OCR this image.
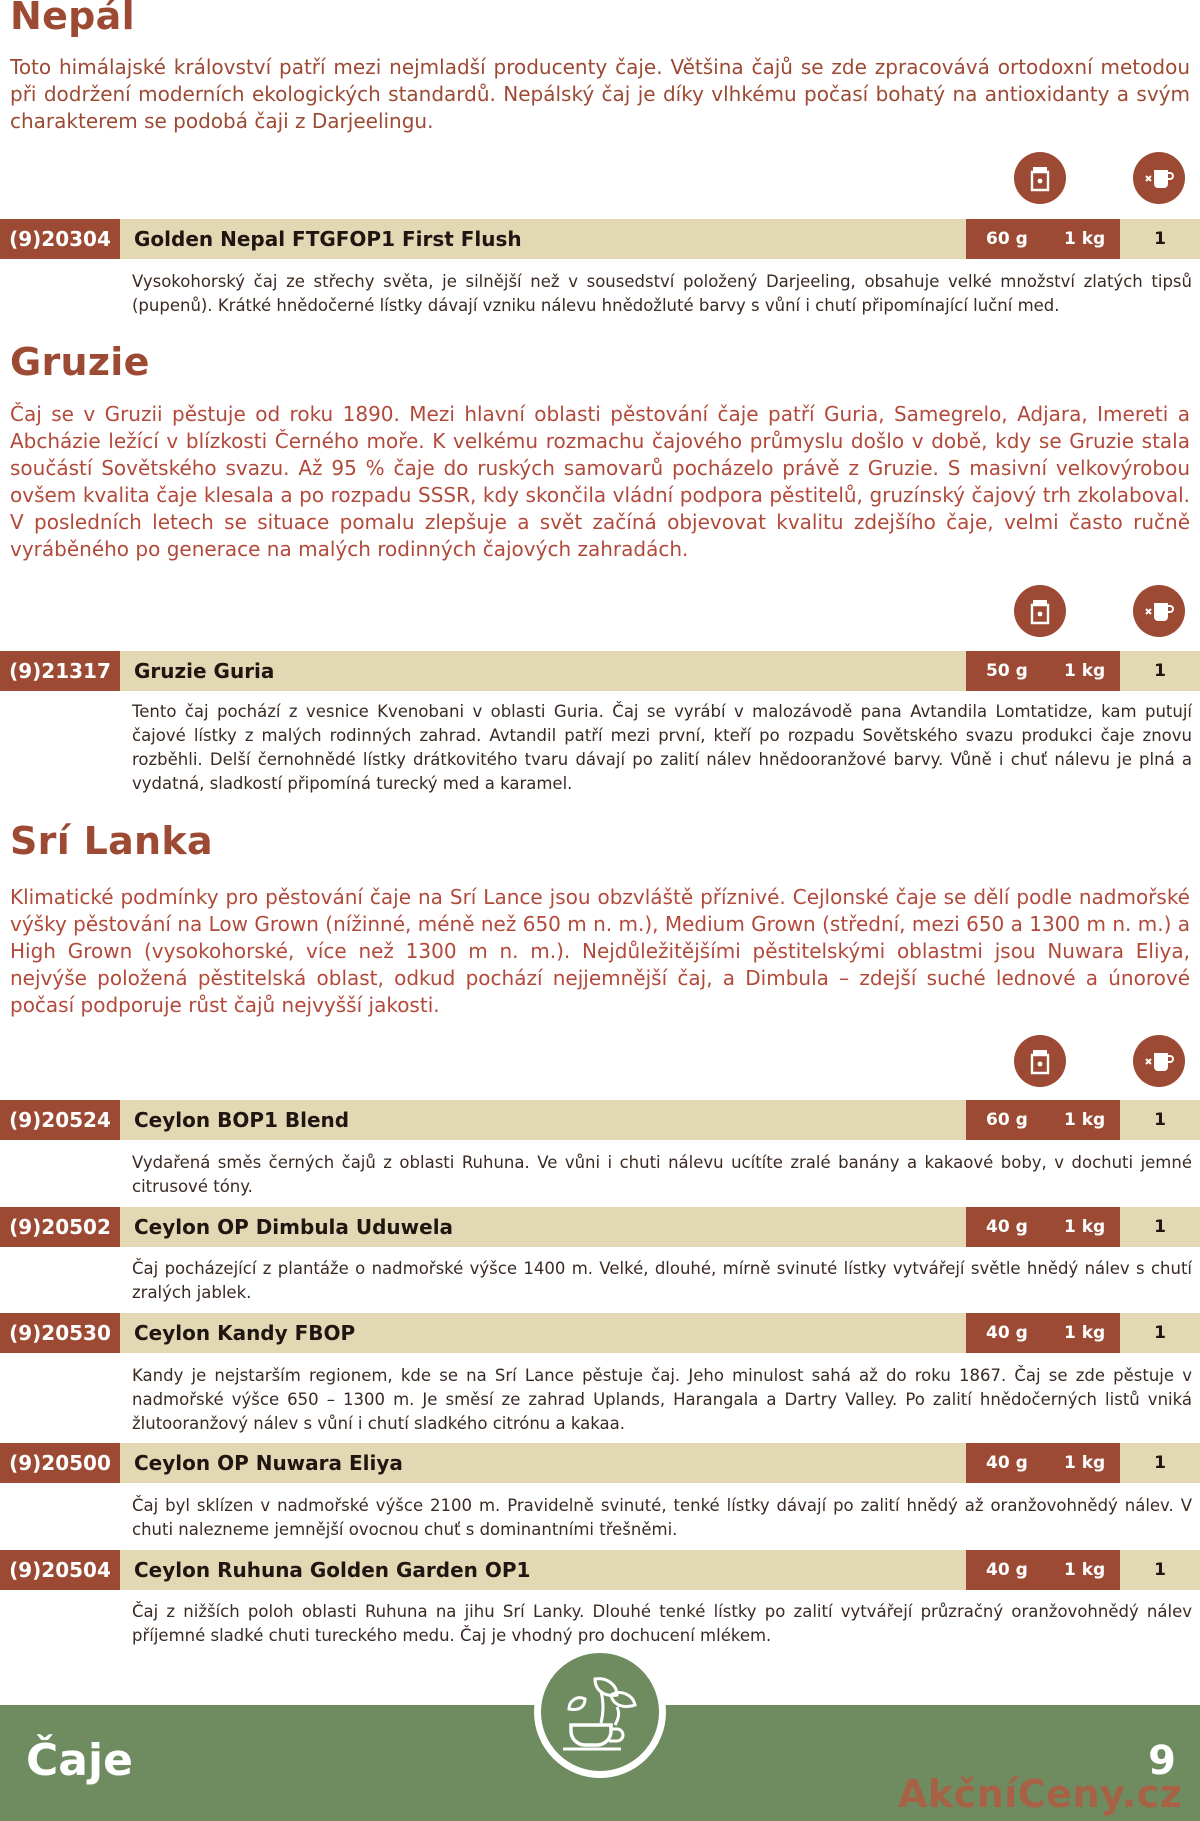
Nepál

Toto himálajské království patří mezi nejmladší producenty čaje. Většina čajů se zde zpracovává ortodoxní metodou při dodržení moderních ekologických standardů. Nepálský čaj je díky vlhkému počasí bohatý na antioxidanty a svým charakterem se podobá čaji z Darjeelingu.

(9)20304	Golden Nepal FTGFOP1 First Flush	60 g 1 kg	1

Vysokohorský čaj ze střechy světa, je silnější než v sousedství položený Darjeeling, obsahuje velké množství zlatých tipsů (pupenů). Krátké hnědočerné lístky dávají vzniku nálevu hnědožluté barvy s vůní i chutí připomínající luční med.

Gruzie

Čaj se v Gruzii pěstuje od roku 1890. Mezi hlavní oblasti pěstování čaje patří Guria, Samegrelo, Adjara, Imereti a Abcházie ležící v blízkosti Černého moře. K velkému rozmachu čajového průmyslu došlo v době, kdy se Gruzie stala součástí Sovětského svazu. Až 95 % čaje do ruských samovarů pocházelo právě z Gruzie. S masivní velkovýrobou ovšem kvalita čaje klesala a po rozpadu SSSR, kdy skončila vládní podpora pěstitelů, gruzínský čajový trh zkolaboval. V posledních letech se situace pomalu zlepšuje a svět začíná objevovat kvalitu zdejšího čaje, velmi často ručně vyráběného po generace na malých rodinných čajových zahradách.

(9)21317	Gruzie Guria	50 g 1 kg	1

Tento čaj pochází z vesnice Kvenobani v oblasti Guria. Čaj se vyrábí v malozávodě pana Avtandila Lomtatidze, kam putují čajové lístky z malých rodinných zahrad. Avtandil patří mezi první, kteří po rozpadu Sovětského svazu produkci čaje znovu rozběhli. Delší černohnědé lístky drátkovitého tvaru dávají po zalití nálev hnědooranžové barvy. Vůně i chuť nálevu je plná a vydatná, sladkostí připomíná turecký med a karamel.

Srí Lanka

Klimatické podmínky pro pěstování čaje na Srí Lance jsou obzvláště příznivé. Cejlonské čaje se dělí podle nadmořské výšky pěstování na Low Grown (nížinné, méně než 650 m n. m.), Medium Grown (střední, mezi 650 a 1300 m n. m.) a High Grown (vysokohorské, více než 1300 m n. m.). Nejdůležitějšími pěstitelskými oblastmi jsou Nuwara Eliya, nejvýše položená pěstitelská oblast, odkud pochází nejjemnější čaj, a Dimbula – zdejší suché lednové a únorové počasí podporuje růst čajů nejvyšší jakosti.

(9)20524	Ceylon BOP1 Blend	60 g 1 kg	1

Vydařená směs černých čajů z oblasti Ruhuna. Ve vůni i chuti nálevu ucítíte zralé banány a kakaové boby, v dochuti jemné citrusové tóny.

(9)20502	Ceylon OP Dimbula Uduwela	40 g 1 kg	1

Čaj pocházející z plantáže o nadmořské výšce 1400 m. Velké, dlouhé, mírně svinuté lístky vytvářejí světle hnědý nálev s chutí zralých jablek.

(9)20530	Ceylon Kandy FBOP	40 g 1 kg	1

Kandy je nejstarším regionem, kde se na Srí Lance pěstuje čaj. Jeho minulost sahá až do roku 1867. Čaj se zde pěstuje v nadmořské výšce 650 – 1300 m. Je směsí ze zahrad Uplands, Harangala a Dartry Valley. Po zalití hnědočerných listů vniká žlutooranžový nálev s vůní i chutí sladkého citrónu a kakaa.

(9)20500	Ceylon OP Nuwara Eliya	40 g 1 kg	1

Čaj byl sklízen v nadmořské výšce 2100 m. Pravidelně svinuté, tenké lístky dávají po zalití hnědý až oranžovohnědý nálev. V chuti nalezneme jemnější ovocnou chuť s dominantními třešněmi.

(9)20504	Ceylon Ruhuna Golden Garden OP1	40 g 1 kg	1

Čaj z nižších poloh oblasti Ruhuna na jihu Srí Lanky. Dlouhé tenké lístky po zalití vytvářejí průzračný oranžovohnědý nálev příjemné sladké chuti tureckého medu. Čaj je vhodný pro dochucení mlékem.

Čaje	9
AkčníCeny.cz
